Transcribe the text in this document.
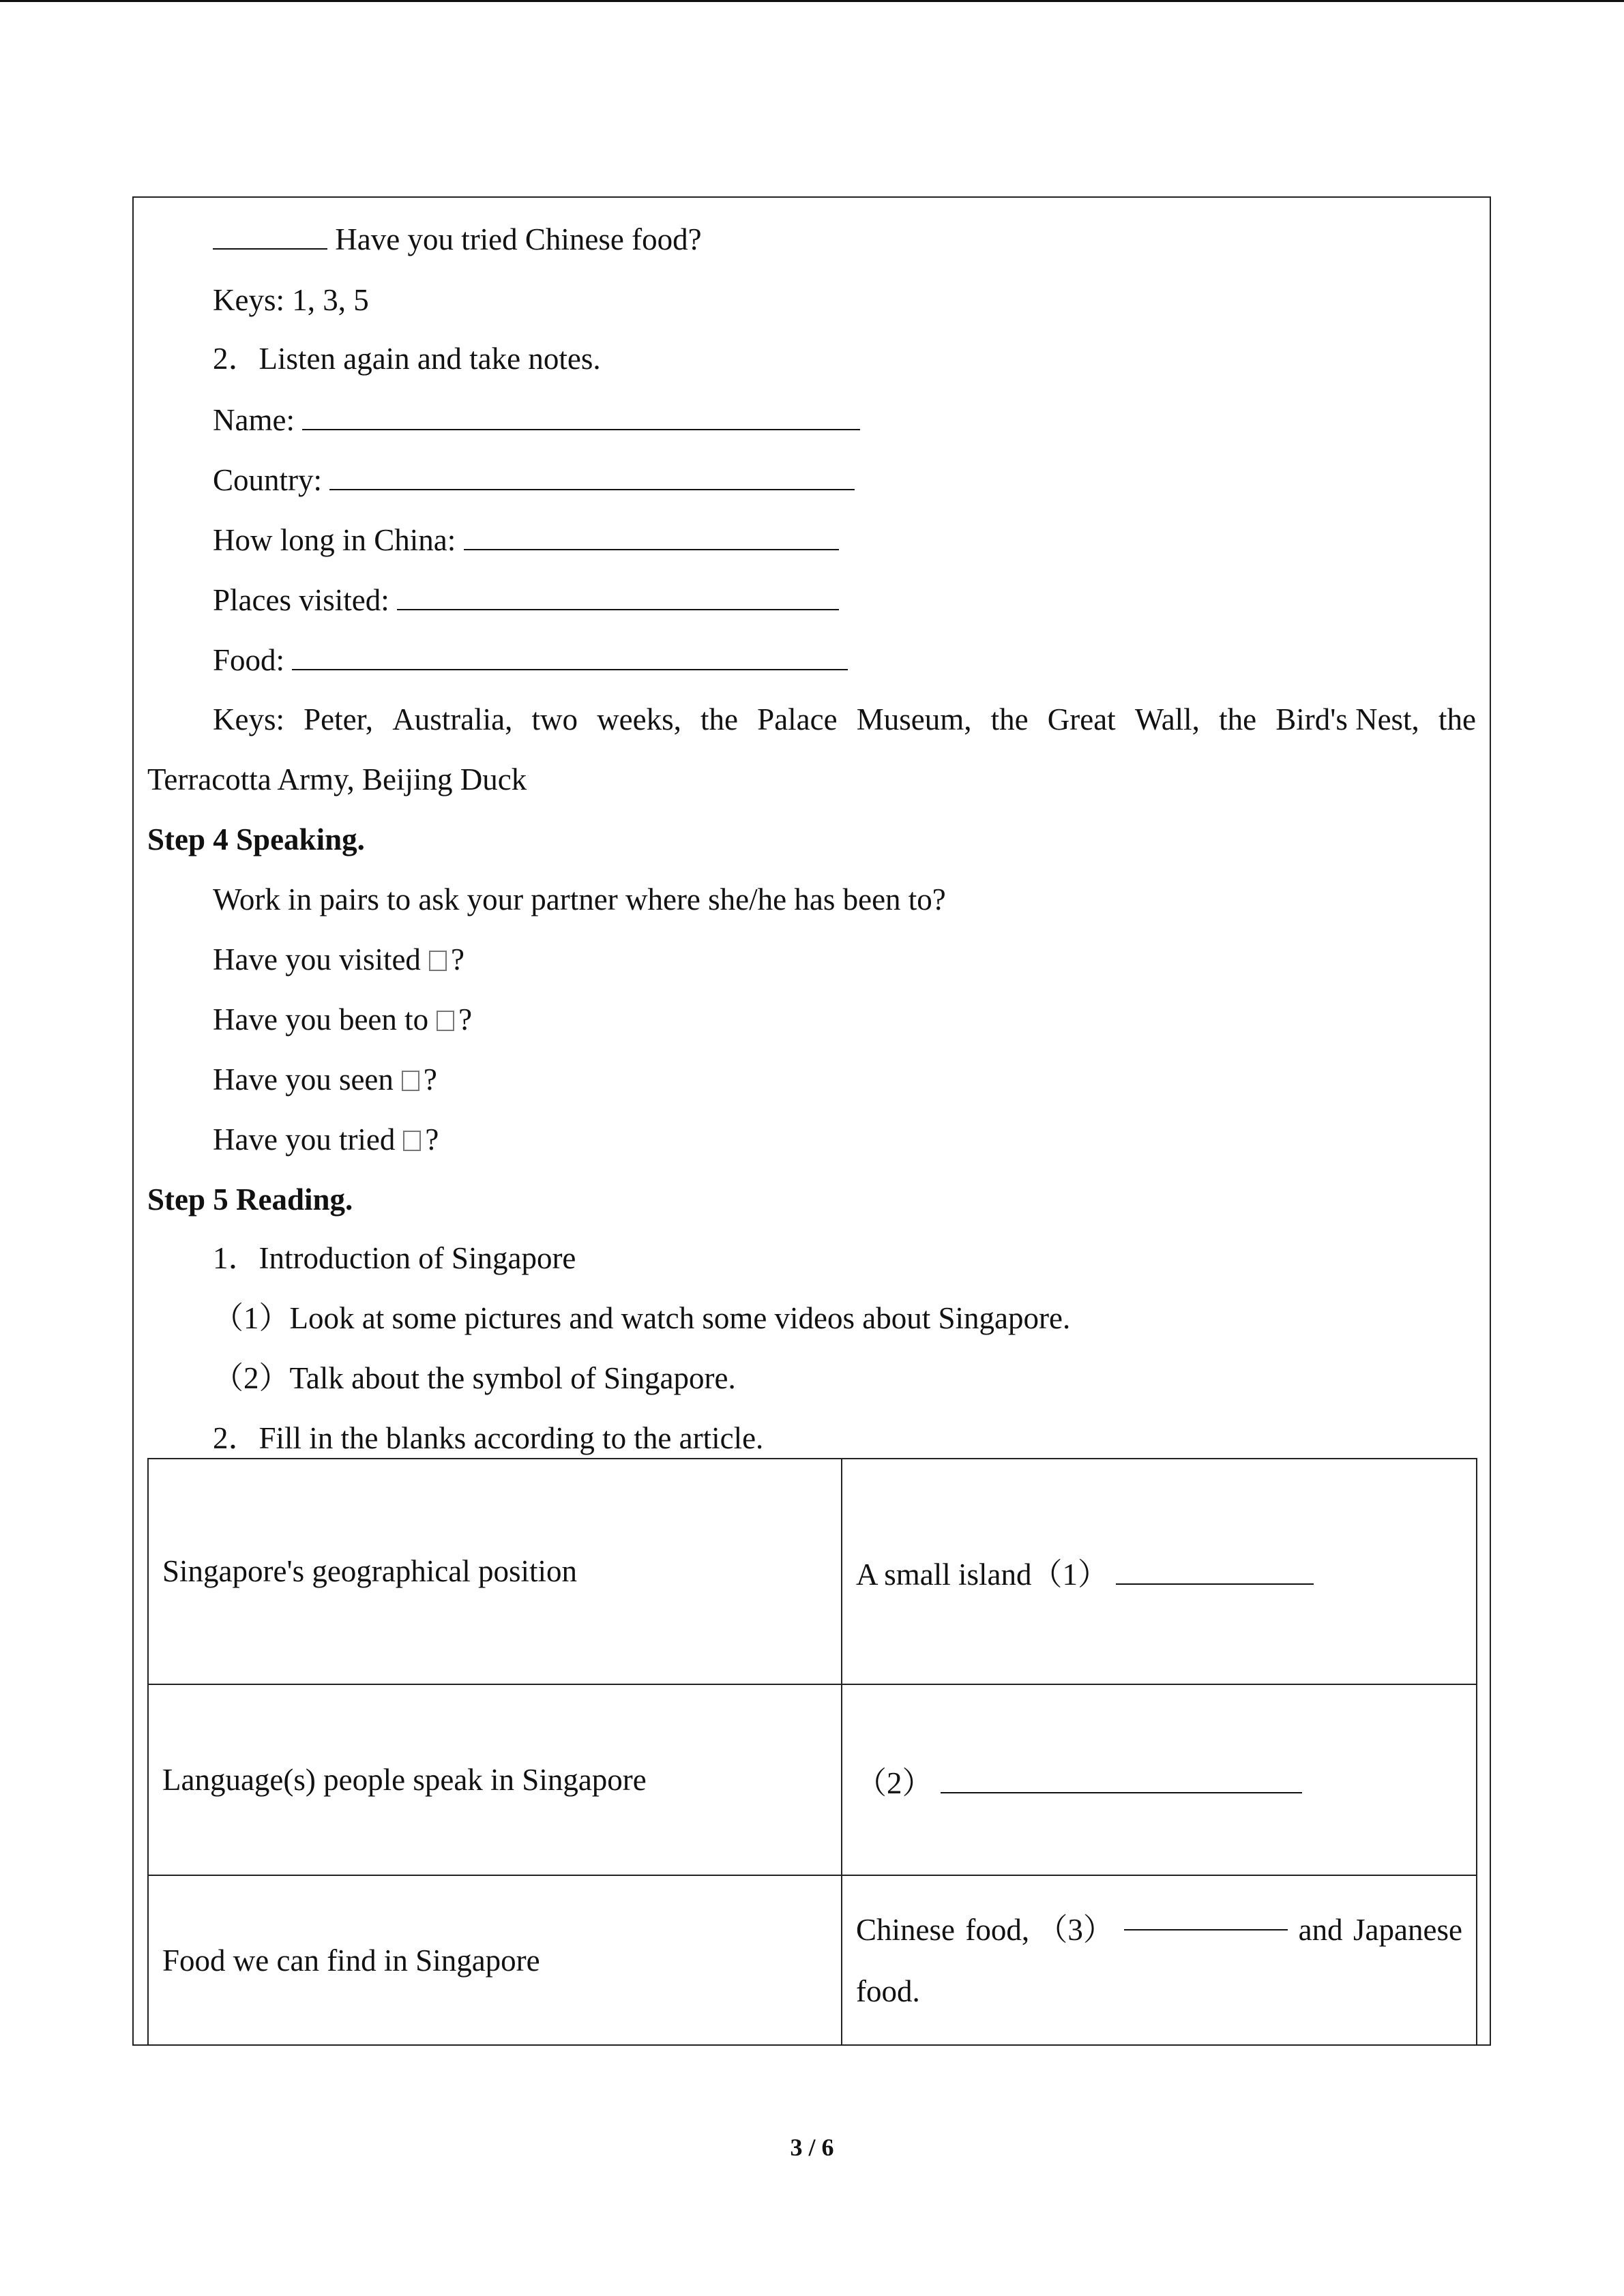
Have you tried Chinese food?
Keys: 1, 3, 5
2．Listen again and take notes.
Name:
Country:
How long in China:
Places visited:
Food:
Keys: Peter, Australia, two weeks, the Palace Museum, the Great Wall, the Bird's Nest, the
Terracotta Army, Beijing Duck
Step 4 Speaking.
Work in pairs to ask your partner where she/he has been to?
Have you visited ?
Have you been to ?
Have you seen ?
Have you tried ?
Step 5 Reading.
1．Introduction of Singapore
（1）Look at some pictures and watch some videos about Singapore.
（2）Talk about the symbol of Singapore.
2．Fill in the blanks according to the article.
Singapore's geographical position	A small island（1）
Language(s) people speak in Singapore	（2）
Food we can find in Singapore	Chinese food, （3） and Japanese
food.
3 / 6
